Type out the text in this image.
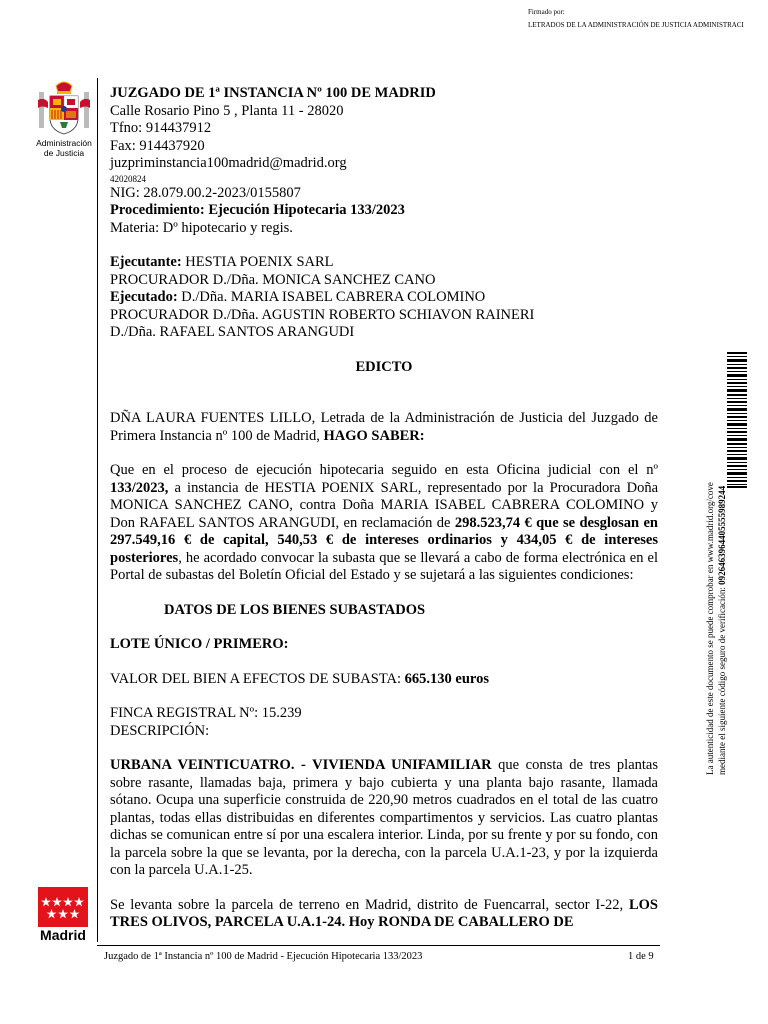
Firmado por:
LETRADOS DE LA ADMINISTRACIÓN DE JUSTICIA ADMINISTRACI
Administración
de Justicia

JUZGADO DE 1ª INSTANCIA Nº 100 DE MADRID

Calle Rosario Pino 5 , Planta 11 - 28020

Tfno: 914437912

Fax: 914437920

juzpriminstancia100madrid@madrid.org

42020824

NIG: 28.079.00.2-2023/0155807

Procedimiento: Ejecución Hipotecaria 133/2023

Materia: Dº hipotecario y regis.

Ejecutante: HESTIA POENIX SARL

PROCURADOR D./Dña. MONICA SANCHEZ CANO

Ejecutado: D./Dña. MARIA ISABEL CABRERA COLOMINO

PROCURADOR D./Dña. AGUSTIN ROBERTO SCHIAVON RAINERI

D./Dña. RAFAEL SANTOS ARANGUDI

EDICTO

DÑA LAURA FUENTES LILLO, Letrada de la Administración de Justicia del Juzgado de Primera Instancia nº 100 de Madrid, HAGO SABER:

Que en el proceso de ejecución hipotecaria seguido en esta Oficina judicial con el nº 133/2023, a instancia de HESTIA POENIX SARL, representado por la Procuradora Doña MONICA SANCHEZ CANO, contra Doña MARIA ISABEL CABRERA COLOMINO y Don RAFAEL SANTOS ARANGUDI, en reclamación de 298.523,74 € que se desglosan en 297.549,16 € de capital, 540,53 € de intereses ordinarios y 434,05 € de intereses posteriores, he acordado convocar la subasta que se llevará a cabo de forma electrónica en el Portal de subastas del Boletín Oficial del Estado y se sujetará a las siguientes condiciones:

DATOS DE LOS BIENES SUBASTADOS

LOTE ÚNICO / PRIMERO:

VALOR DEL BIEN A EFECTOS DE SUBASTA: 665.130 euros

FINCA REGISTRAL Nº: 15.239

DESCRIPCIÓN:

URBANA VEINTICUATRO. - VIVIENDA UNIFAMILIAR que consta de tres plantas sobre rasante, llamadas baja, primera y bajo cubierta y una planta bajo rasante, llamada sótano. Ocupa una superficie construida de 220,90 metros cuadrados en el total de las cuatro plantas, todas ellas distribuidas en diferentes compartimentos y servicios. Las cuatro plantas dichas se comunican entre sí por una escalera interior. Linda, por su frente y por su fondo, con la parcela sobre la que se levanta, por la derecha, con la parcela U.A.1-23, y por la izquierda con la parcela U.A.1-25.

Se levanta sobre la parcela de terreno en Madrid, distrito de Fuencarral, sector I-22, LOS TRES OLIVOS, PARCELA U.A.1-24. Hoy RONDA DE CABALLERO DE

La autenticidad de este documento se puede comprobar en www.madrid.org/cove mediante el siguiente código seguro de verificación: 0926463964405555989244
Madrid
Juzgado de 1ª Instancia nº 100 de Madrid - Ejecución Hipotecaria 133/2023	1 de 9
